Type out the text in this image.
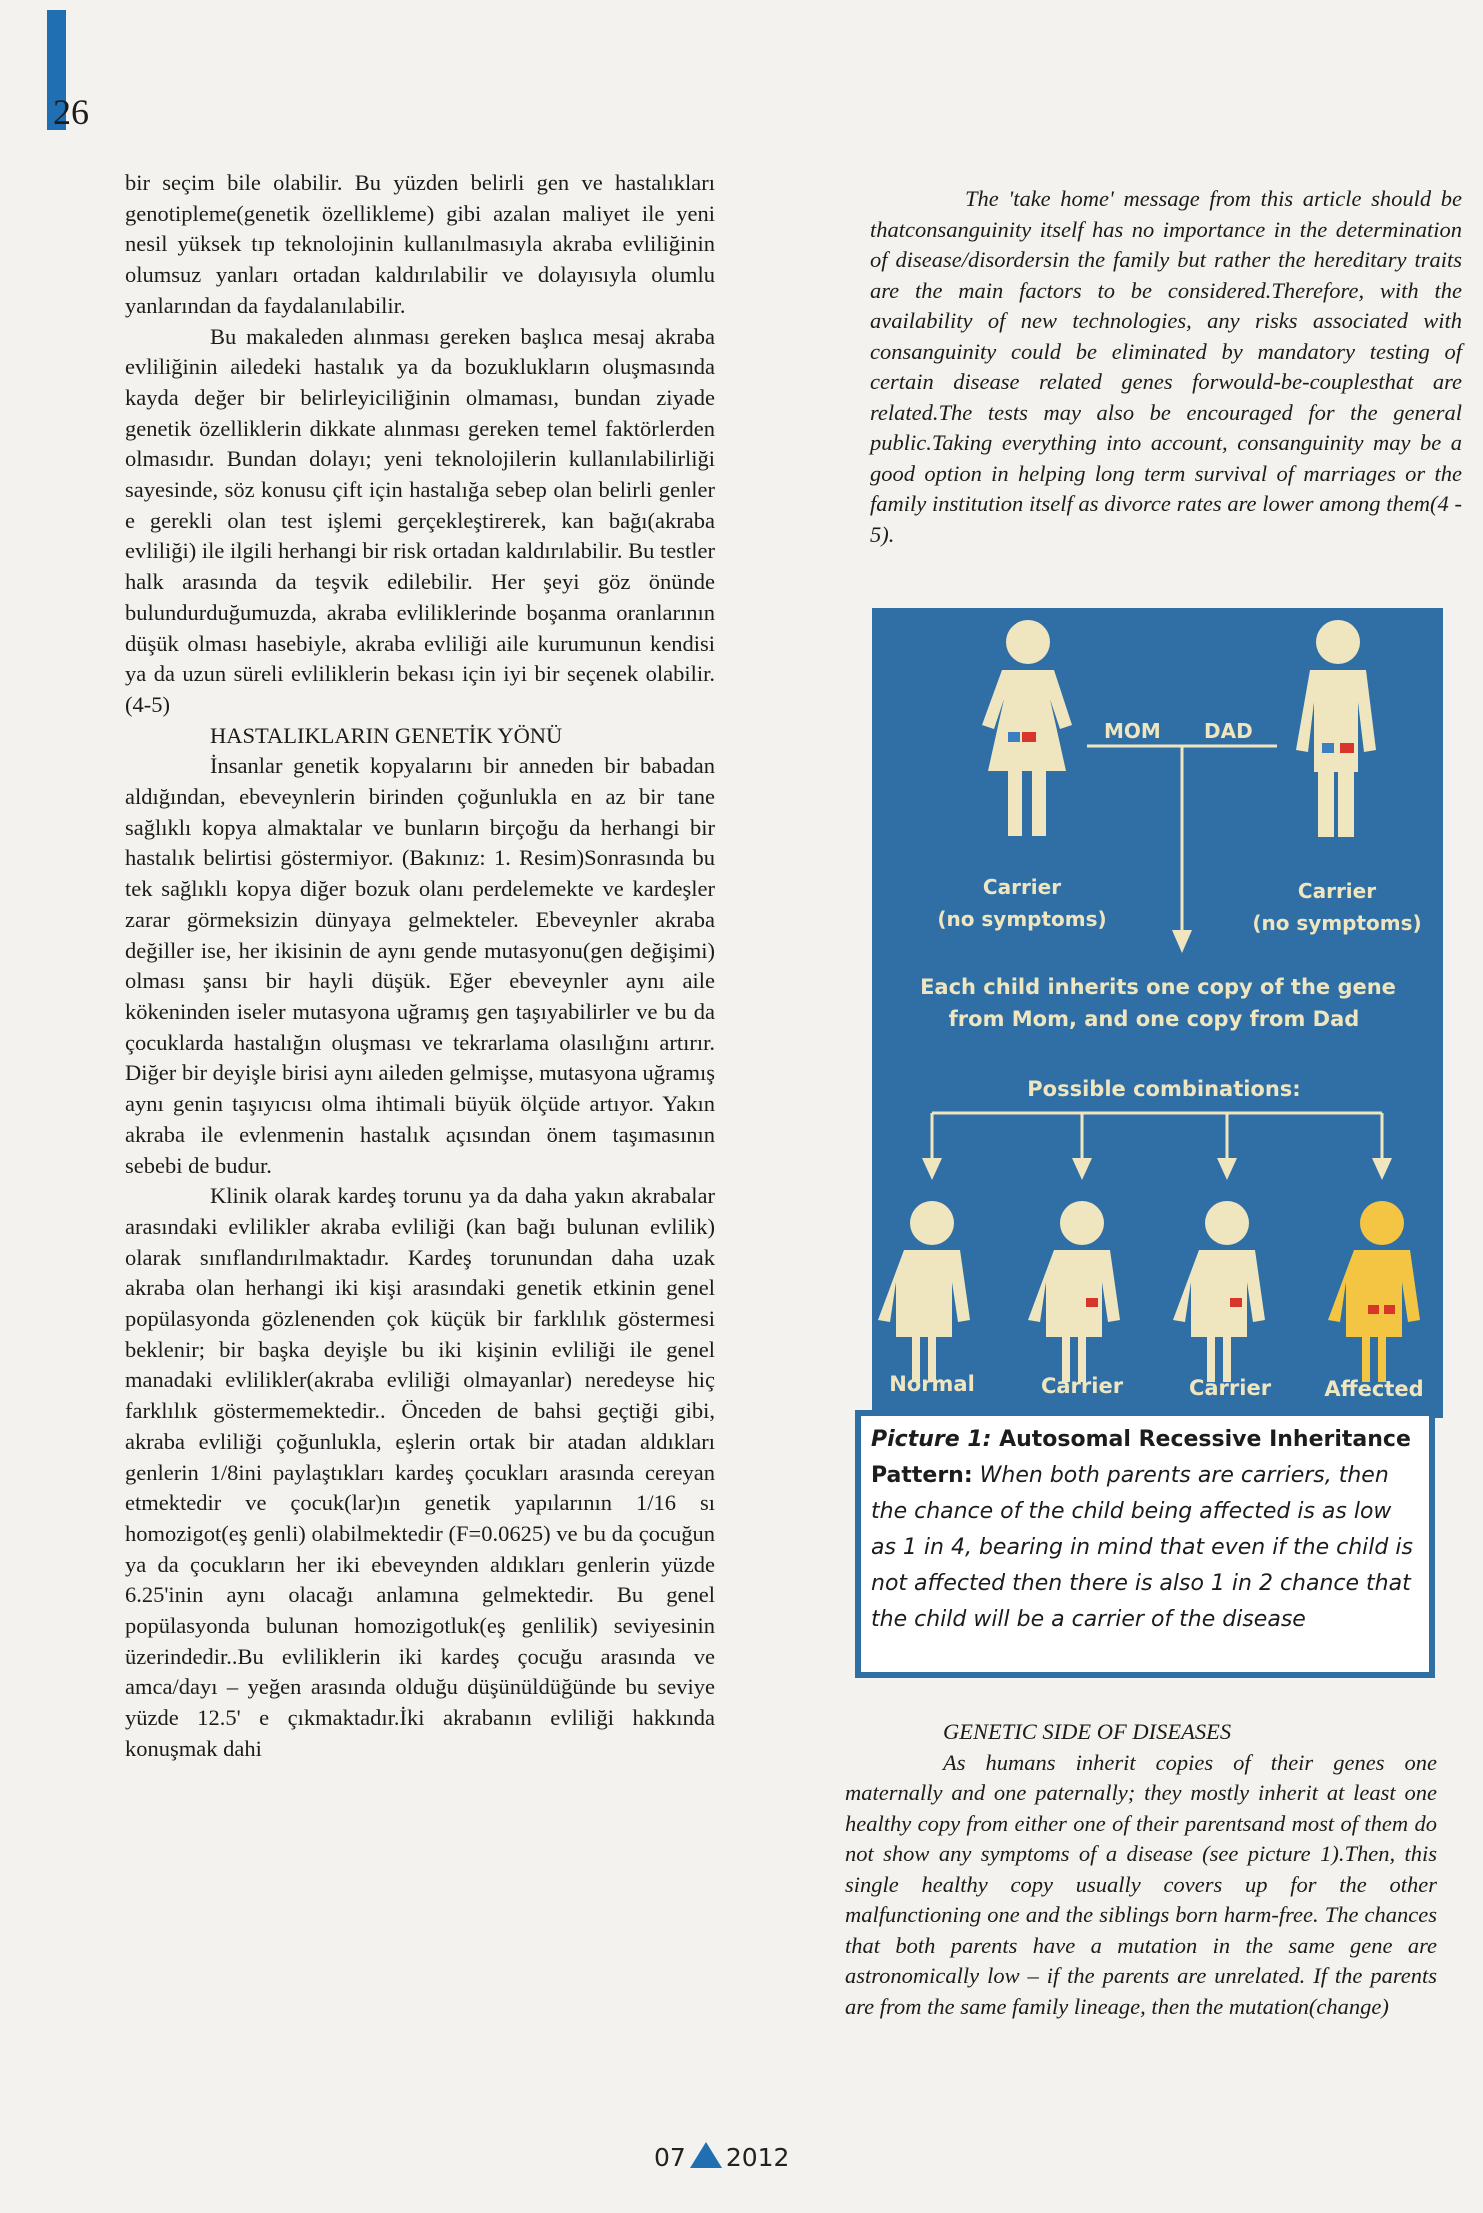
26

bir seçim bile olabilir. Bu yüzden belirli gen ve hastalıkları genotipleme(genetik özellikleme) gibi azalan maliyet ile yeni nesil yüksek tıp teknolojinin kullanılmasıyla akraba evliliğinin olumsuz yanları ortadan kaldırılabilir ve dolayısıyla olumlu yanlarından da faydalanılabilir.

Bu makaleden alınması gereken başlıca mesaj akraba evliliğinin ailedeki hastalık ya da bozuklukların oluşmasında kayda değer bir belirleyiciliğinin olmaması, bundan ziyade genetik özelliklerin dikkate alınması gereken temel faktörlerden olmasıdır. Bundan dolayı; yeni teknolojilerin kullanılabilirliği sayesinde, söz konusu çift için hastalığa sebep olan belirli genler e gerekli olan test işlemi gerçekleştirerek, kan bağı(akraba evliliği) ile ilgili herhangi bir risk ortadan kaldırılabilir. Bu testler halk arasında da teşvik edilebilir. Her şeyi göz önünde bulundurduğumuzda, akraba evliliklerinde boşanma oranlarının düşük olması hasebiyle, akraba evliliği aile kurumunun kendisi ya da uzun süreli evliliklerin bekası için iyi bir seçenek olabilir.(4-5)

HASTALIKLARIN GENETİK YÖNÜ

İnsanlar genetik kopyalarını bir anneden bir babadan aldığından, ebeveynlerin birinden çoğunlukla en az bir tane sağlıklı kopya almaktalar ve bunların birçoğu da herhangi bir hastalık belirtisi göstermiyor. (Bakınız: 1. Resim)Sonrasında bu tek sağlıklı kopya diğer bozuk olanı perdelemekte ve kardeşler zarar görmeksizin dünyaya gelmekteler. Ebeveynler akraba değiller ise, her ikisinin de aynı gende mutasyonu(gen değişimi) olması şansı bir hayli düşük. Eğer ebeveynler aynı aile kökeninden iseler mutasyona uğramış gen taşıyabilirler ve bu da çocuklarda hastalığın oluşması ve tekrarlama olasılığını artırır. Diğer bir deyişle birisi aynı aileden gelmişse, mutasyona uğramış aynı genin taşıyıcısı olma ihtimali büyük ölçüde artıyor. Yakın akraba ile evlenmenin hastalık açısından önem taşımasının sebebi de budur.

Klinik olarak kardeş torunu ya da daha yakın akrabalar arasındaki evlilikler akraba evliliği (kan bağı bulunan evlilik) olarak sınıflandırılmaktadır. Kardeş torunundan daha uzak akraba olan herhangi iki kişi arasındaki genetik etkinin genel popülasyonda gözlenenden çok küçük bir farklılık göstermesi beklenir; bir başka deyişle bu iki kişinin evliliği ile genel manadaki evlilikler(akraba evliliği olmayanlar) neredeyse hiç farklılık göstermemektedir.. Önceden de bahsi geçtiği gibi, akraba evliliği çoğunlukla, eşlerin ortak bir atadan aldıkları genlerin 1/8ini paylaştıkları kardeş çocukları arasında cereyan etmektedir ve çocuk(lar)ın genetik yapılarının 1/16 sı homozigot(eş genli) olabilmektedir (F=0.0625) ve bu da çocuğun ya da çocukların her iki ebeveynden aldıkları genlerin yüzde 6.25'inin aynı olacağı anlamına gelmektedir. Bu genel popülasyonda bulunan homozigotluk(eş genlilik) seviyesinin üzerindedir..Bu evliliklerin iki kardeş çocuğu arasında ve amca/dayı – yeğen arasında olduğu düşünüldüğünde bu seviye yüzde 12.5' e çıkmaktadır.İki akrabanın evliliği hakkında konuşmak dahi

The 'take home' message from this article should be thatconsanguinity itself has no importance in the determination of disease/disordersin the family but rather the hereditary traits are the main factors to be considered.Therefore, with the availability of new technologies, any risks associated with consanguinity could be eliminated by mandatory testing of certain disease related genes forwould-be-couplesthat are related.The tests may also be encouraged for the general public.Taking everything into account, consanguinity may be a good option in helping long term survival of marriages or the family institution itself as divorce rates are lower among them(4 - 5).

MOM DAD
Carrier
(no symptoms)
Carrier
(no symptoms)
Each child inherits one copy of the gene
from Mom, and one copy from Dad
Possible combinations:
Normal	Carrier	Carrier	Affected
Picture 1: Autosomal Recessive Inheritance
Pattern: When both parents are carriers, then the chance of the child being affected is as low as 1 in 4, bearing in mind that even if the child is not affected then there is also 1 in 2 chance that the child will be a carrier of the disease
GENETIC SIDE OF DISEASES

As humans inherit copies of their genes one maternally and one paternally; they mostly inherit at least one healthy copy from either one of their parentsand most of them do not show any symptoms of a disease (see picture 1).Then, this single healthy copy usually covers up for the other malfunctioning one and the siblings born harm-free. The chances that both parents have a mutation in the same gene are astronomically low – if the parents are unrelated. If the parents are from the same family lineage, then the mutation(change)

07 2012
